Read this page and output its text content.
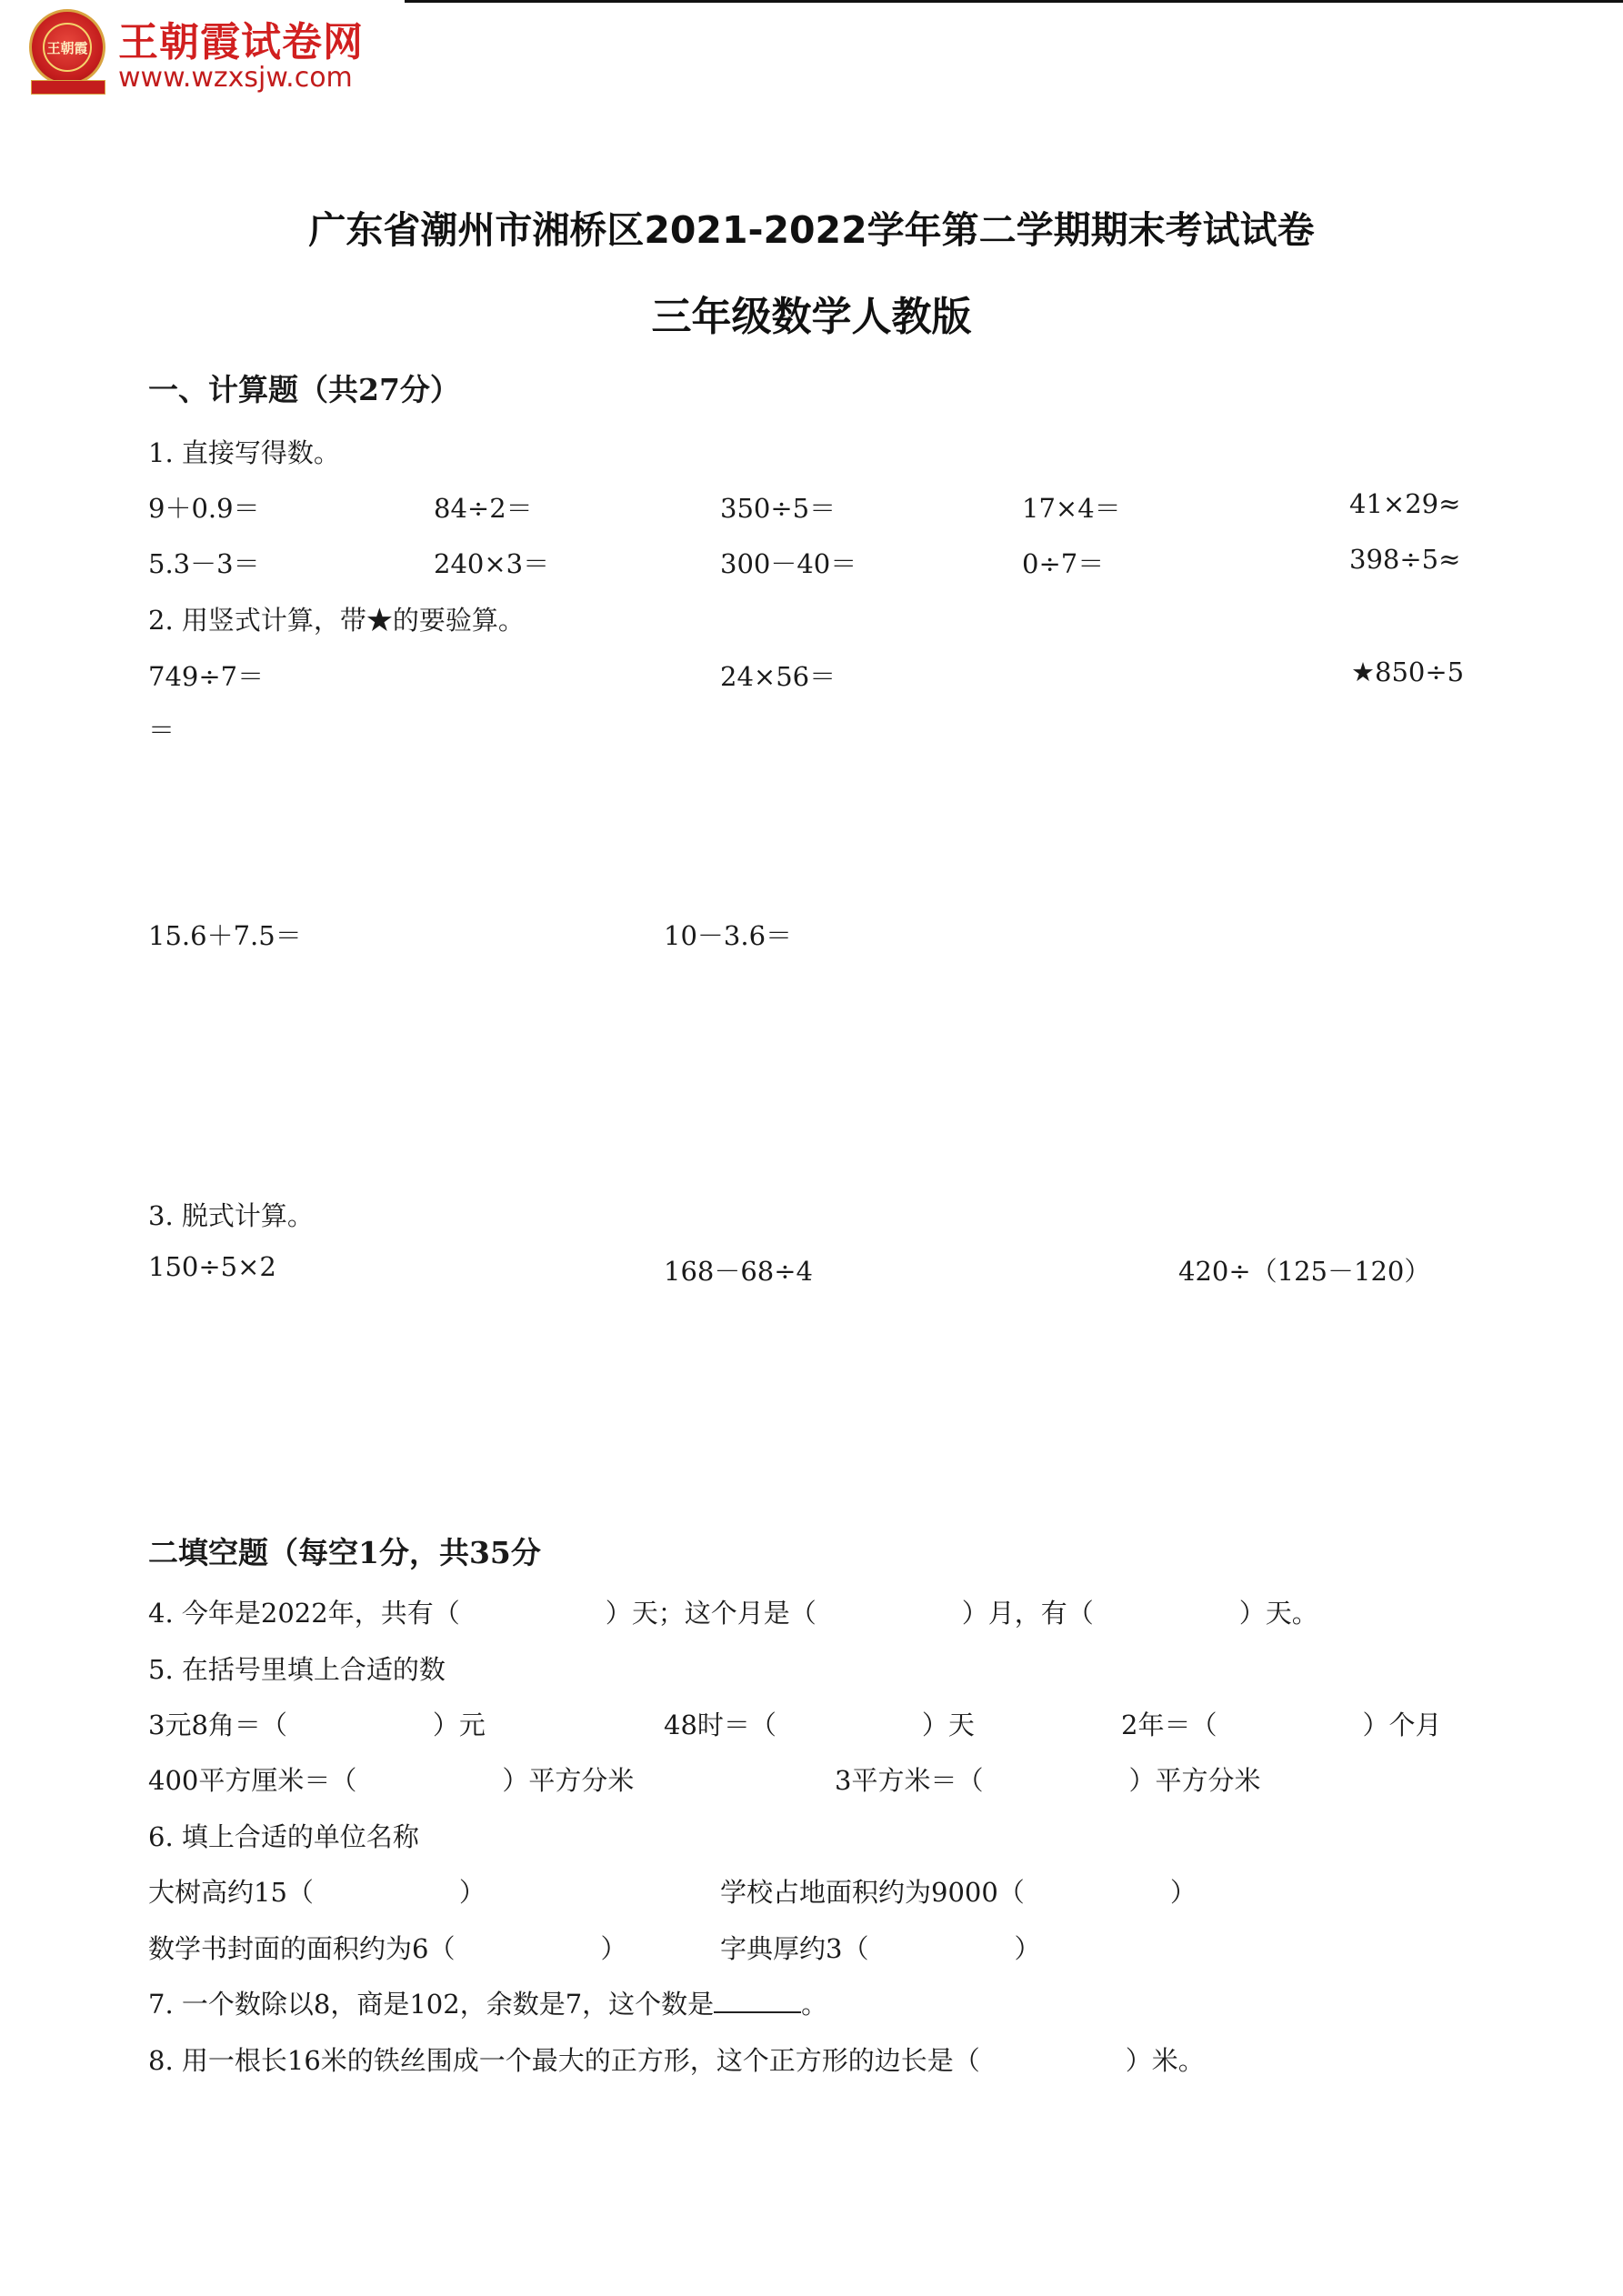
王朝霞 王朝霞试卷网
www.wzxsjw.com
广东省潮州市湘桥区2021-2022学年第二学期期末考试试卷
三年级数学人教版
一、计算题（共27分）
1. 直接写得数。
9＋0.9＝	84÷2＝	350÷5＝	17×4＝	41×29≈
5.3－3＝	240×3＝	300－40＝	0÷7＝	398÷5≈
2. 用竖式计算，带★的要验算。
749÷7＝	24×56＝	★850÷5
＝
15.6＋7.5＝	10－3.6＝
3. 脱式计算。
150÷5×2	168－68÷4	420÷（125－120）
二填空题（每空1分，共35分
4. 今年是2022年，共有（	）天；这个月是（	）月，有（	）天。
5. 在括号里填上合适的数
3元8角＝（	）元	48时＝（	）天	2年＝（	）个月
400平方厘米＝（	）平方分米	3平方米＝（	）平方分米
6. 填上合适的单位名称
大树高约15（	）	学校占地面积约为9000（	）
数学书封面的面积约为6（	）	字典厚约3（	）
7. 一个数除以8，商是102，余数是7，这个数是	。
8. 用一根长16米的铁丝围成一个最大的正方形，这个正方形的边长是（	）米。
